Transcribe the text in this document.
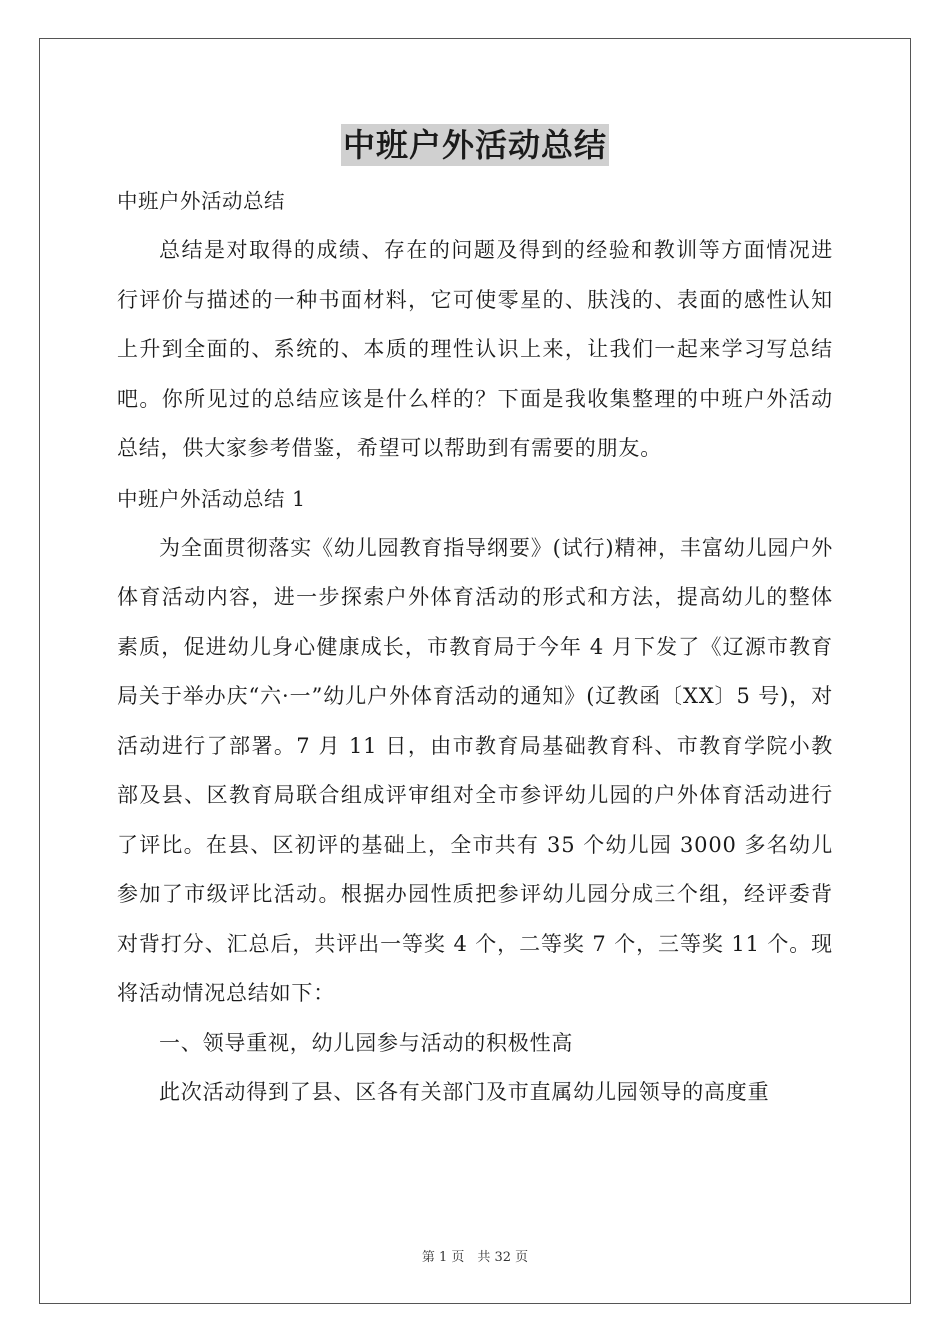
中班户外活动总结
中班户外活动总结

总结是对取得的成绩、存在的问题及得到的经验和教训等方面情况进行评价与描述的一种书面材料，它可使零星的、肤浅的、表面的感性认知上升到全面的、系统的、本质的理性认识上来，让我们一起来学习写总结吧。你所见过的总结应该是什么样的？下面是我收集整理的中班户外活动总结，供大家参考借鉴，希望可以帮助到有需要的朋友。

中班户外活动总结 1

为全面贯彻落实《幼儿园教育指导纲要》(试行)精神，丰富幼儿园户外体育活动内容，进一步探索户外体育活动的形式和方法，提高幼儿的整体素质，促进幼儿身心健康成长，市教育局于今年 4 月下发了《辽源市教育局关于举办庆“六·一”幼儿户外体育活动的通知》(辽教函〔XX〕5 号)，对活动进行了部署。7 月 11 日，由市教育局基础教育科、市教育学院小教部及县、区教育局联合组成评审组对全市参评幼儿园的户外体育活动进行了评比。在县、区初评的基础上，全市共有 35 个幼儿园 3000 多名幼儿参加了市级评比活动。根据办园性质把参评幼儿园分成三个组，经评委背对背打分、汇总后，共评出一等奖 4 个，二等奖 7 个，三等奖 11 个。现将活动情况总结如下：

一、领导重视，幼儿园参与活动的积极性高

此次活动得到了县、区各有关部门及市直属幼儿园领导的高度重

第 1 页　共 32 页
